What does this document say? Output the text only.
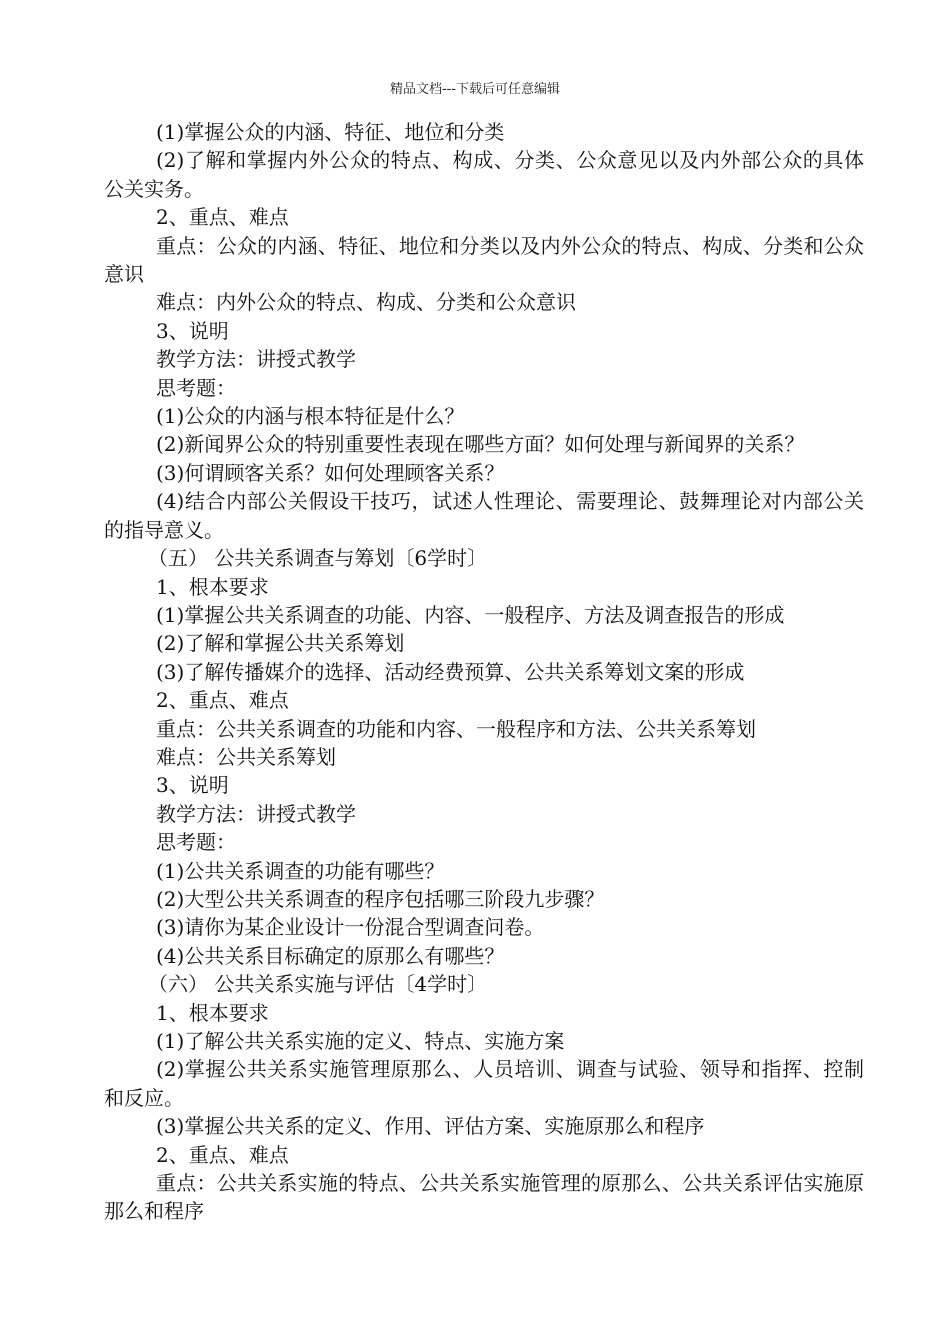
精品文档---下载后可任意编辑

(1)掌握公众的内涵、特征、地位和分类

(2)了解和掌握内外公众的特点、构成、分类、公众意见以及内外部公众的具体公关实务。

2、重点、难点

重点：公众的内涵、特征、地位和分类以及内外公众的特点、构成、分类和公众意识

难点：内外公众的特点、构成、分类和公众意识

3、说明

教学方法：讲授式教学

思考题：

(1)公众的内涵与根本特征是什么？

(2)新闻界公众的特别重要性表现在哪些方面？如何处理与新闻界的关系？

(3)何谓顾客关系？如何处理顾客关系？

(4)结合内部公关假设干技巧，试述人性理论、需要理论、鼓舞理论对内部公关的指导意义。

（五） 公共关系调查与筹划〔6学时〕

1、根本要求

(1)掌握公共关系调查的功能、内容、一般程序、方法及调查报告的形成

(2)了解和掌握公共关系筹划

(3)了解传播媒介的选择、活动经费预算、公共关系筹划文案的形成

2、重点、难点

重点：公共关系调查的功能和内容、一般程序和方法、公共关系筹划

难点：公共关系筹划

3、说明

教学方法：讲授式教学

思考题：

(1)公共关系调查的功能有哪些？

(2)大型公共关系调查的程序包括哪三阶段九步骤？

(3)请你为某企业设计一份混合型调查问卷。

(4)公共关系目标确定的原那么有哪些？

（六） 公共关系实施与评估〔4学时〕

1、根本要求

(1)了解公共关系实施的定义、特点、实施方案

(2)掌握公共关系实施管理原那么、人员培训、调查与试验、领导和指挥、控制和反应。

(3)掌握公共关系的定义、作用、评估方案、实施原那么和程序

2、重点、难点

重点：公共关系实施的特点、公共关系实施管理的原那么、公共关系评估实施原那么和程序
